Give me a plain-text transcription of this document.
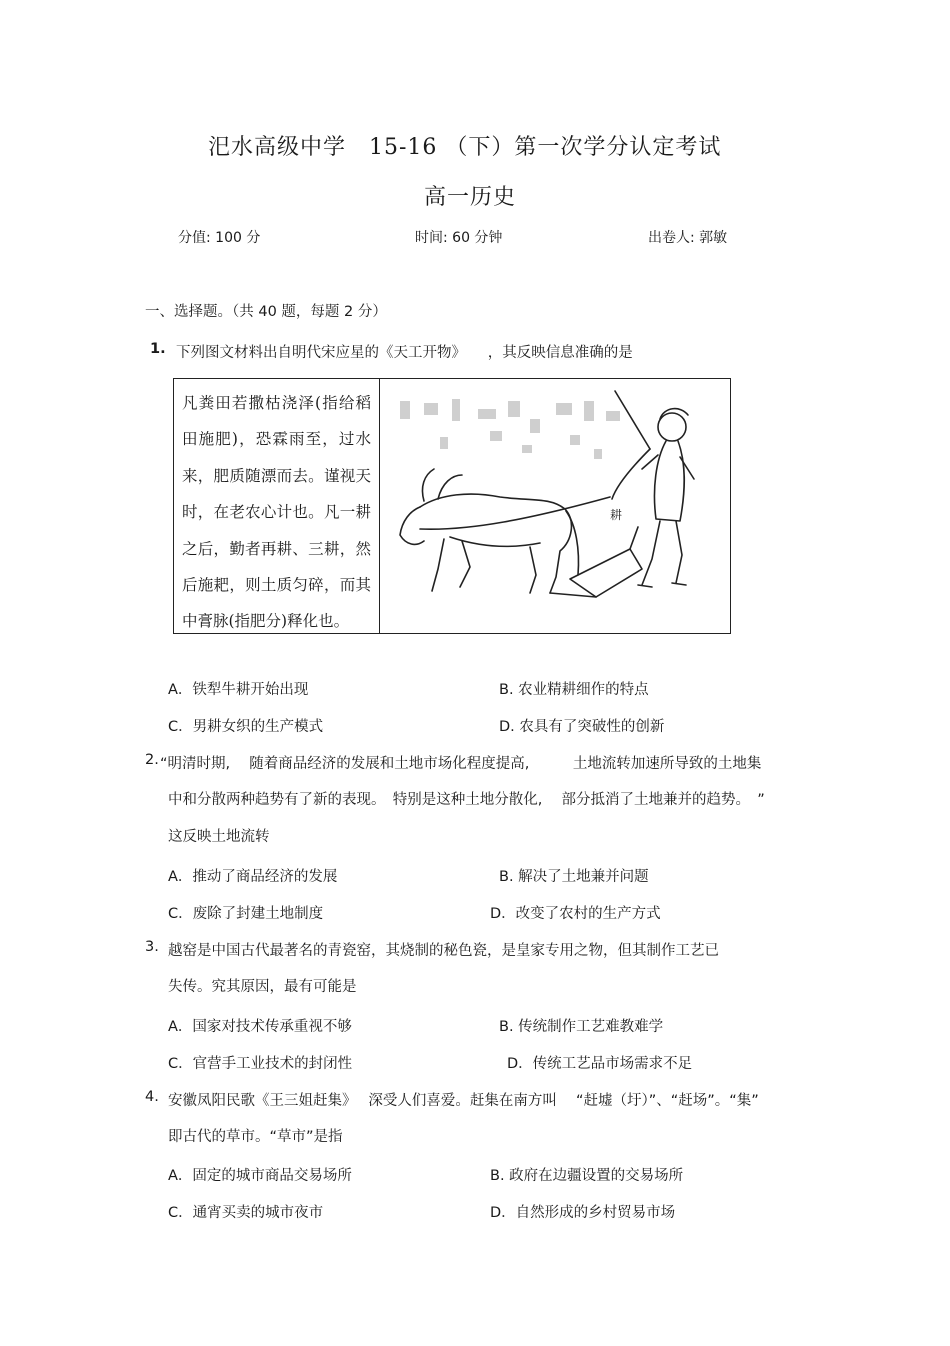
汜水高级中学　15-16 （下）第一次学分认定考试
高一历史
分值: 100 分	时间: 60 分钟	出卷人: 郭敏
一、选择题。（共 40 题，每题 2 分）
1. 下列图文材料出自明代宋应星的《天工开物》　　，其反映信息准确的是
凡粪田若撒枯浇泽(指给稻田施肥)，恐霖雨至，过水来，肥质随漂而去。谨视天时，在老农心计也。凡一耕之后，勤者再耕、三耕，然后施耙，则土质匀碎，而其中膏脉(指肥分)释化也。
耕
A．铁犁牛耕开始出现	B. 农业精耕细作的特点
C．男耕女织的生产模式	D. 农具有了突破性的创新
2. “明清时期,　 随着商品经济的发展和土地市场化程度提高,　　　土地流转加速所导致的土地集
中和分散两种趋势有了新的表现。　特别是这种土地分散化,　 部分抵消了土地兼并的趋势。　”
这反映土地流转
A．推动了商品经济的发展	B. 解决了土地兼并问题
C．废除了封建土地制度	D．改变了农村的生产方式
3. 越窑是中国古代最著名的青瓷窑，其烧制的秘色瓷，是皇家专用之物，但其制作工艺已
失传。究其原因，最有可能是
A．国家对技术传承重视不够	B. 传统制作工艺难教难学
C．官营手工业技术的封闭性	D．传统工艺品市场需求不足
4. 安徽凤阳民歌《王三姐赶集》　 深受人们喜爱。赶集在南方叫　 “赶墟（圩）”、“赶场”。“集”
即古代的草市。“草市”是指
A．固定的城市商品交易场所	B. 政府在边疆设置的交易场所
C．通宵买卖的城市夜市	D．自然形成的乡村贸易市场
